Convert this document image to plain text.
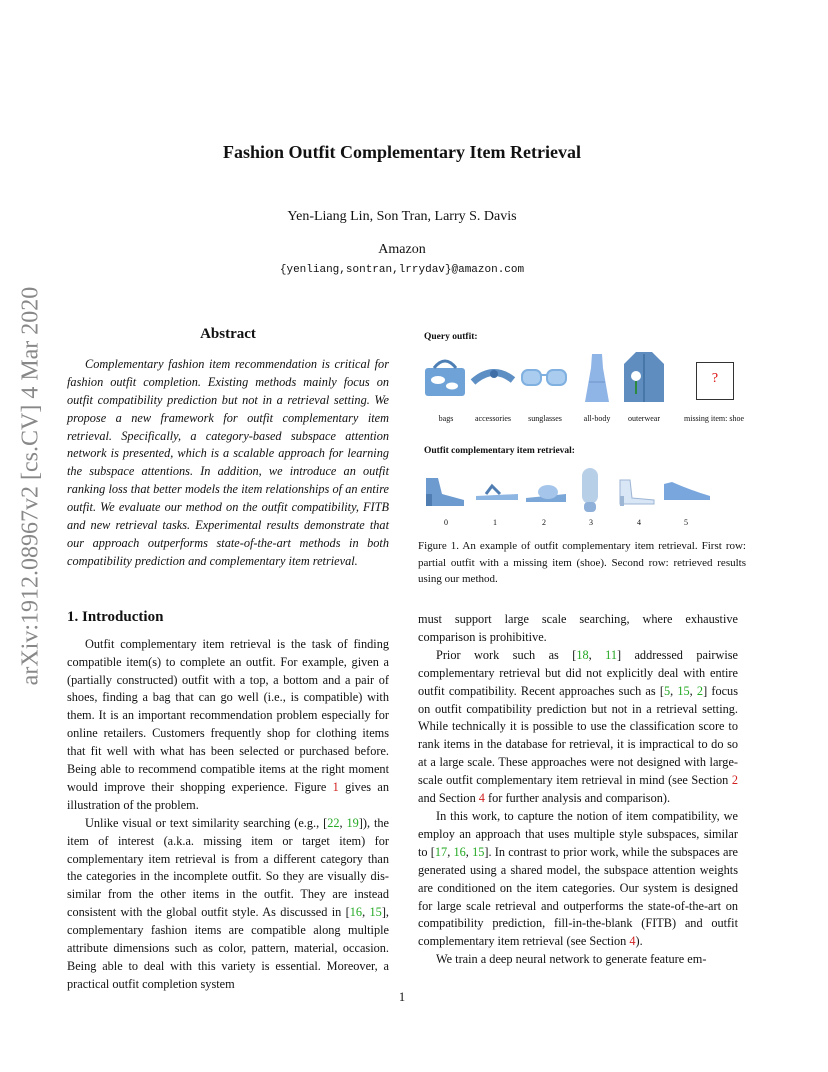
Fashion Outfit Complementary Item Retrieval
Yen-Liang Lin, Son Tran, Larry S. Davis
Amazon
{yenliang,sontran,lrrydav}@amazon.com
arXiv:1912.08967v2 [cs.CV] 4 Mar 2020	Abstract

Complementary fashion item recommendation is critical for fashion outfit completion. Existing methods mainly focus on outfit compatibility prediction but not in a retrieval setting. We propose a new framework for outfit complementary item retrieval. Specifically, a category-based subspace attention network is presented, which is a scalable approach for learning the subspace attentions. In addition, we introduce an outfit ranking loss that better models the item relationships of an entire outfit. We evaluate our method on the outfit compatibility, FITB and new retrieval tasks. Experimental results demonstrate that our approach outperforms state-of-the-art methods in both compatibility prediction and complementary item retrieval.

1. Introduction

Outfit complementary item retrieval is the task of finding compatible item(s) to complete an outfit. For example, given a (partially constructed) outfit with a top, a bottom and a pair of shoes, finding a bag that can go well (i.e., is compatible) with them. It is an important recommendation problem especially for online retailers. Customers frequently shop for clothing items that fit well with what has been selected or purchased before. Being able to recommend compatible items at the right moment would improve their shopping experience. Figure 1 gives an illustration of the problem.

Unlike visual or text similarity searching (e.g., [22, 19]), the item of interest (a.k.a. missing item or target item) for complementary item retrieval is from a different category than the categories in the incomplete outfit. So they are visually dis-similar from the other items in the outfit. They are instead consistent with the global outfit style. As discussed in [16, 15], complementary fashion items are compatible along multiple attribute dimensions such as color, pattern, material, occasion. Being able to deal with this variety is essential. Moreover, a practical outfit completion system

Query outfit:
?
bags	accessories	sunglasses	all-body	outerwear	missing item: shoe
Outfit complementary item retrieval:
0	1	2	3	4	5
Figure 1. An example of outfit complementary item retrieval. First row: partial outfit with a missing item (shoe). Second row: retrieved results using our method.

must support large scale searching, where exhaustive comparison is prohibitive.

Prior work such as [18, 11] addressed pairwise complementary retrieval but did not explicitly deal with entire outfit compatibility. Recent approaches such as [5, 15, 2] focus on outfit compatibility prediction but not in a retrieval setting. While technically it is possible to use the classification score to rank items in the database for retrieval, it is impractical to do so at a large scale. These approaches were not designed with large-scale outfit complementary item retrieval in mind (see Section 2 and Section 4 for further analysis and comparison).

In this work, to capture the notion of item compatibility, we employ an approach that uses multiple style subspaces, similar to [17, 16, 15]. In contrast to prior work, while the subspaces are generated using a shared model, the subspace attention weights are conditioned on the item categories. Our system is designed for large scale retrieval and outperforms the state-of-the-art on compatibility prediction, fill-in-the-blank (FITB) and outfit complementary item retrieval (see Section 4).

We train a deep neural network to generate feature em-

1
